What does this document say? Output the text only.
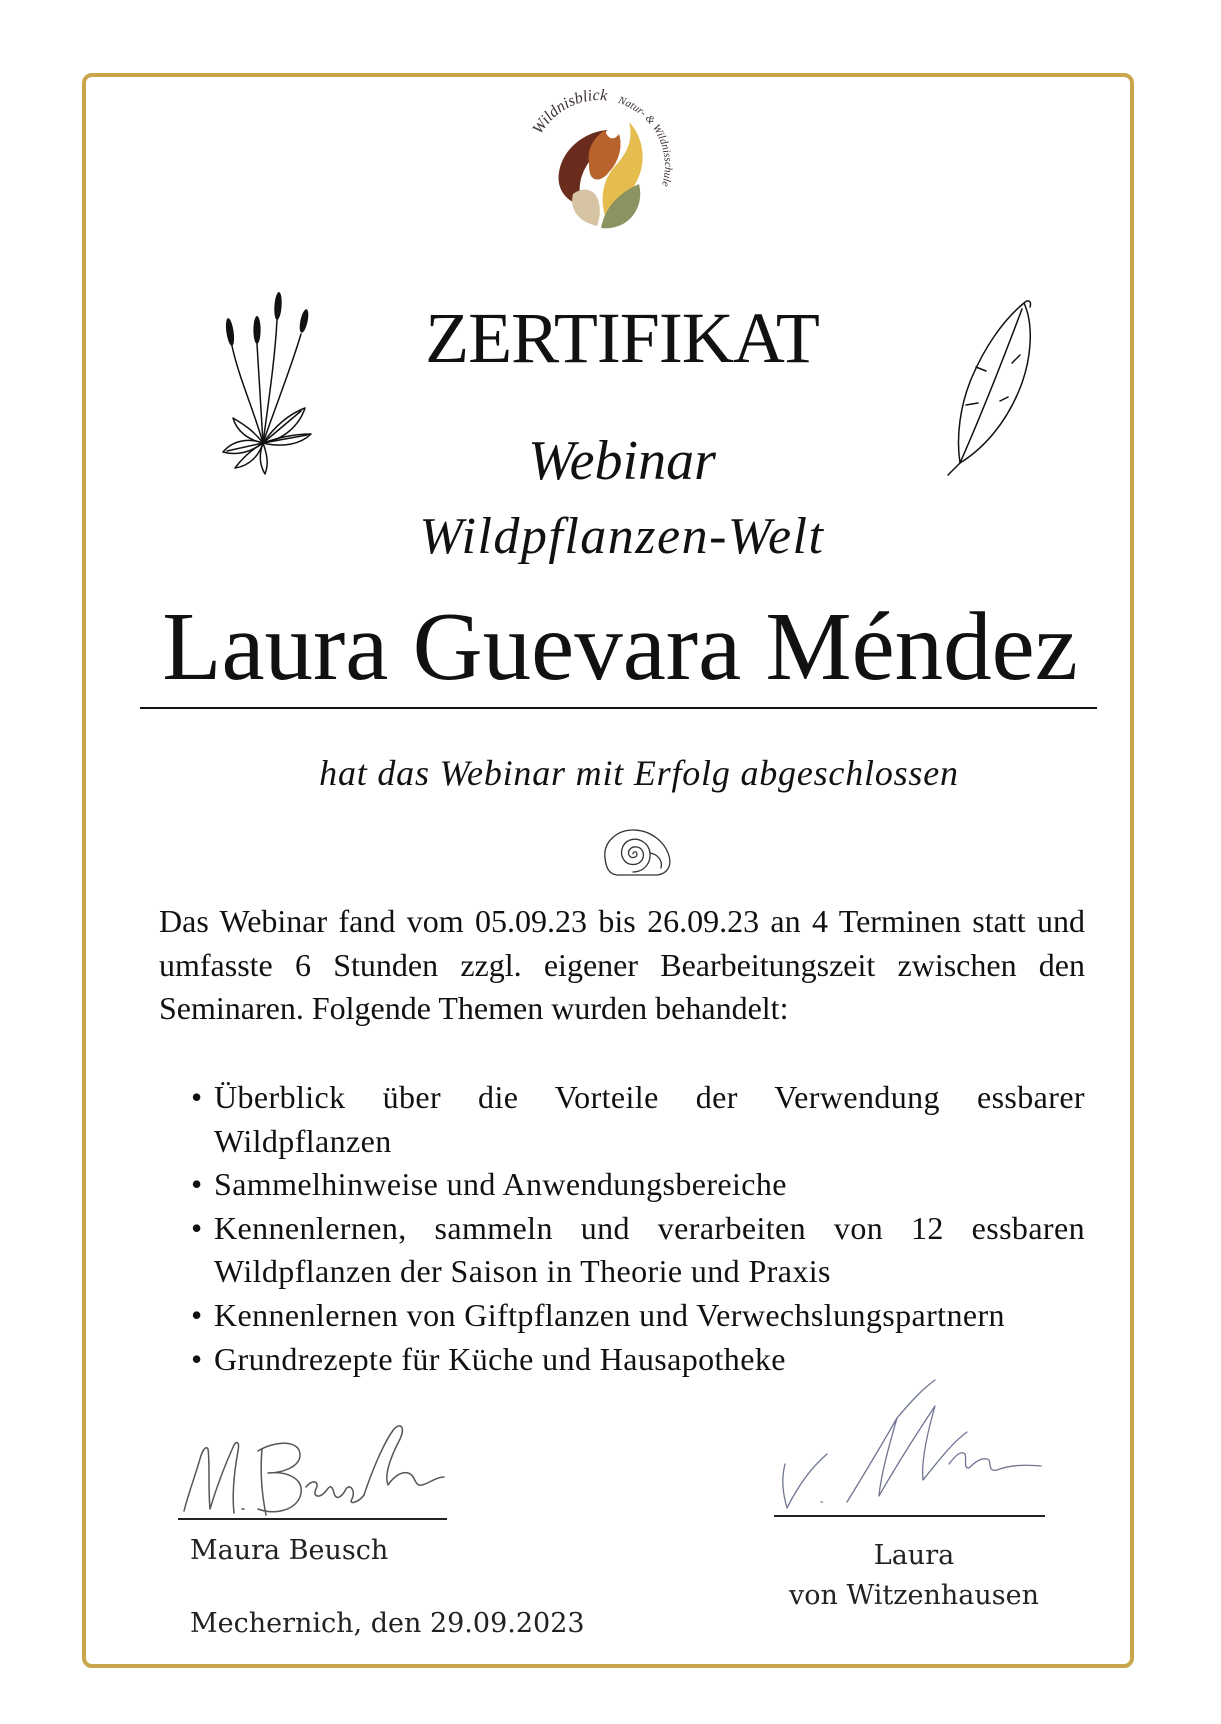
Wildnisblick Natur- & Wildnisschule
ZERTIFIKAT
Webinar
Wildpflanzen-Welt
Laura Guevara Méndez
hat das Webinar mit Erfolg abgeschlossen

Das Webinar fand vom 05.09.23 bis 26.09.23 an 4 Terminen statt und umfasste 6 Stunden zzgl. eigener Bearbeitungszeit zwischen den Seminaren. Folgende Themen wurden behandelt:

• Überblick über die Vorteile der Verwendung essbarer Wildpflanzen
• Sammelhinweise und Anwendungsbereiche
• Kennenlernen, sammeln und verarbeiten von 12 essbaren Wildpflanzen der Saison in Theorie und Praxis
• Kennenlernen von Giftpflanzen und Verwechslungspartnern
• Grundrezepte für Küche und Hausapotheke
Maura Beusch
Mechernich, den 29.09.2023
Laura
von Witzenhausen
